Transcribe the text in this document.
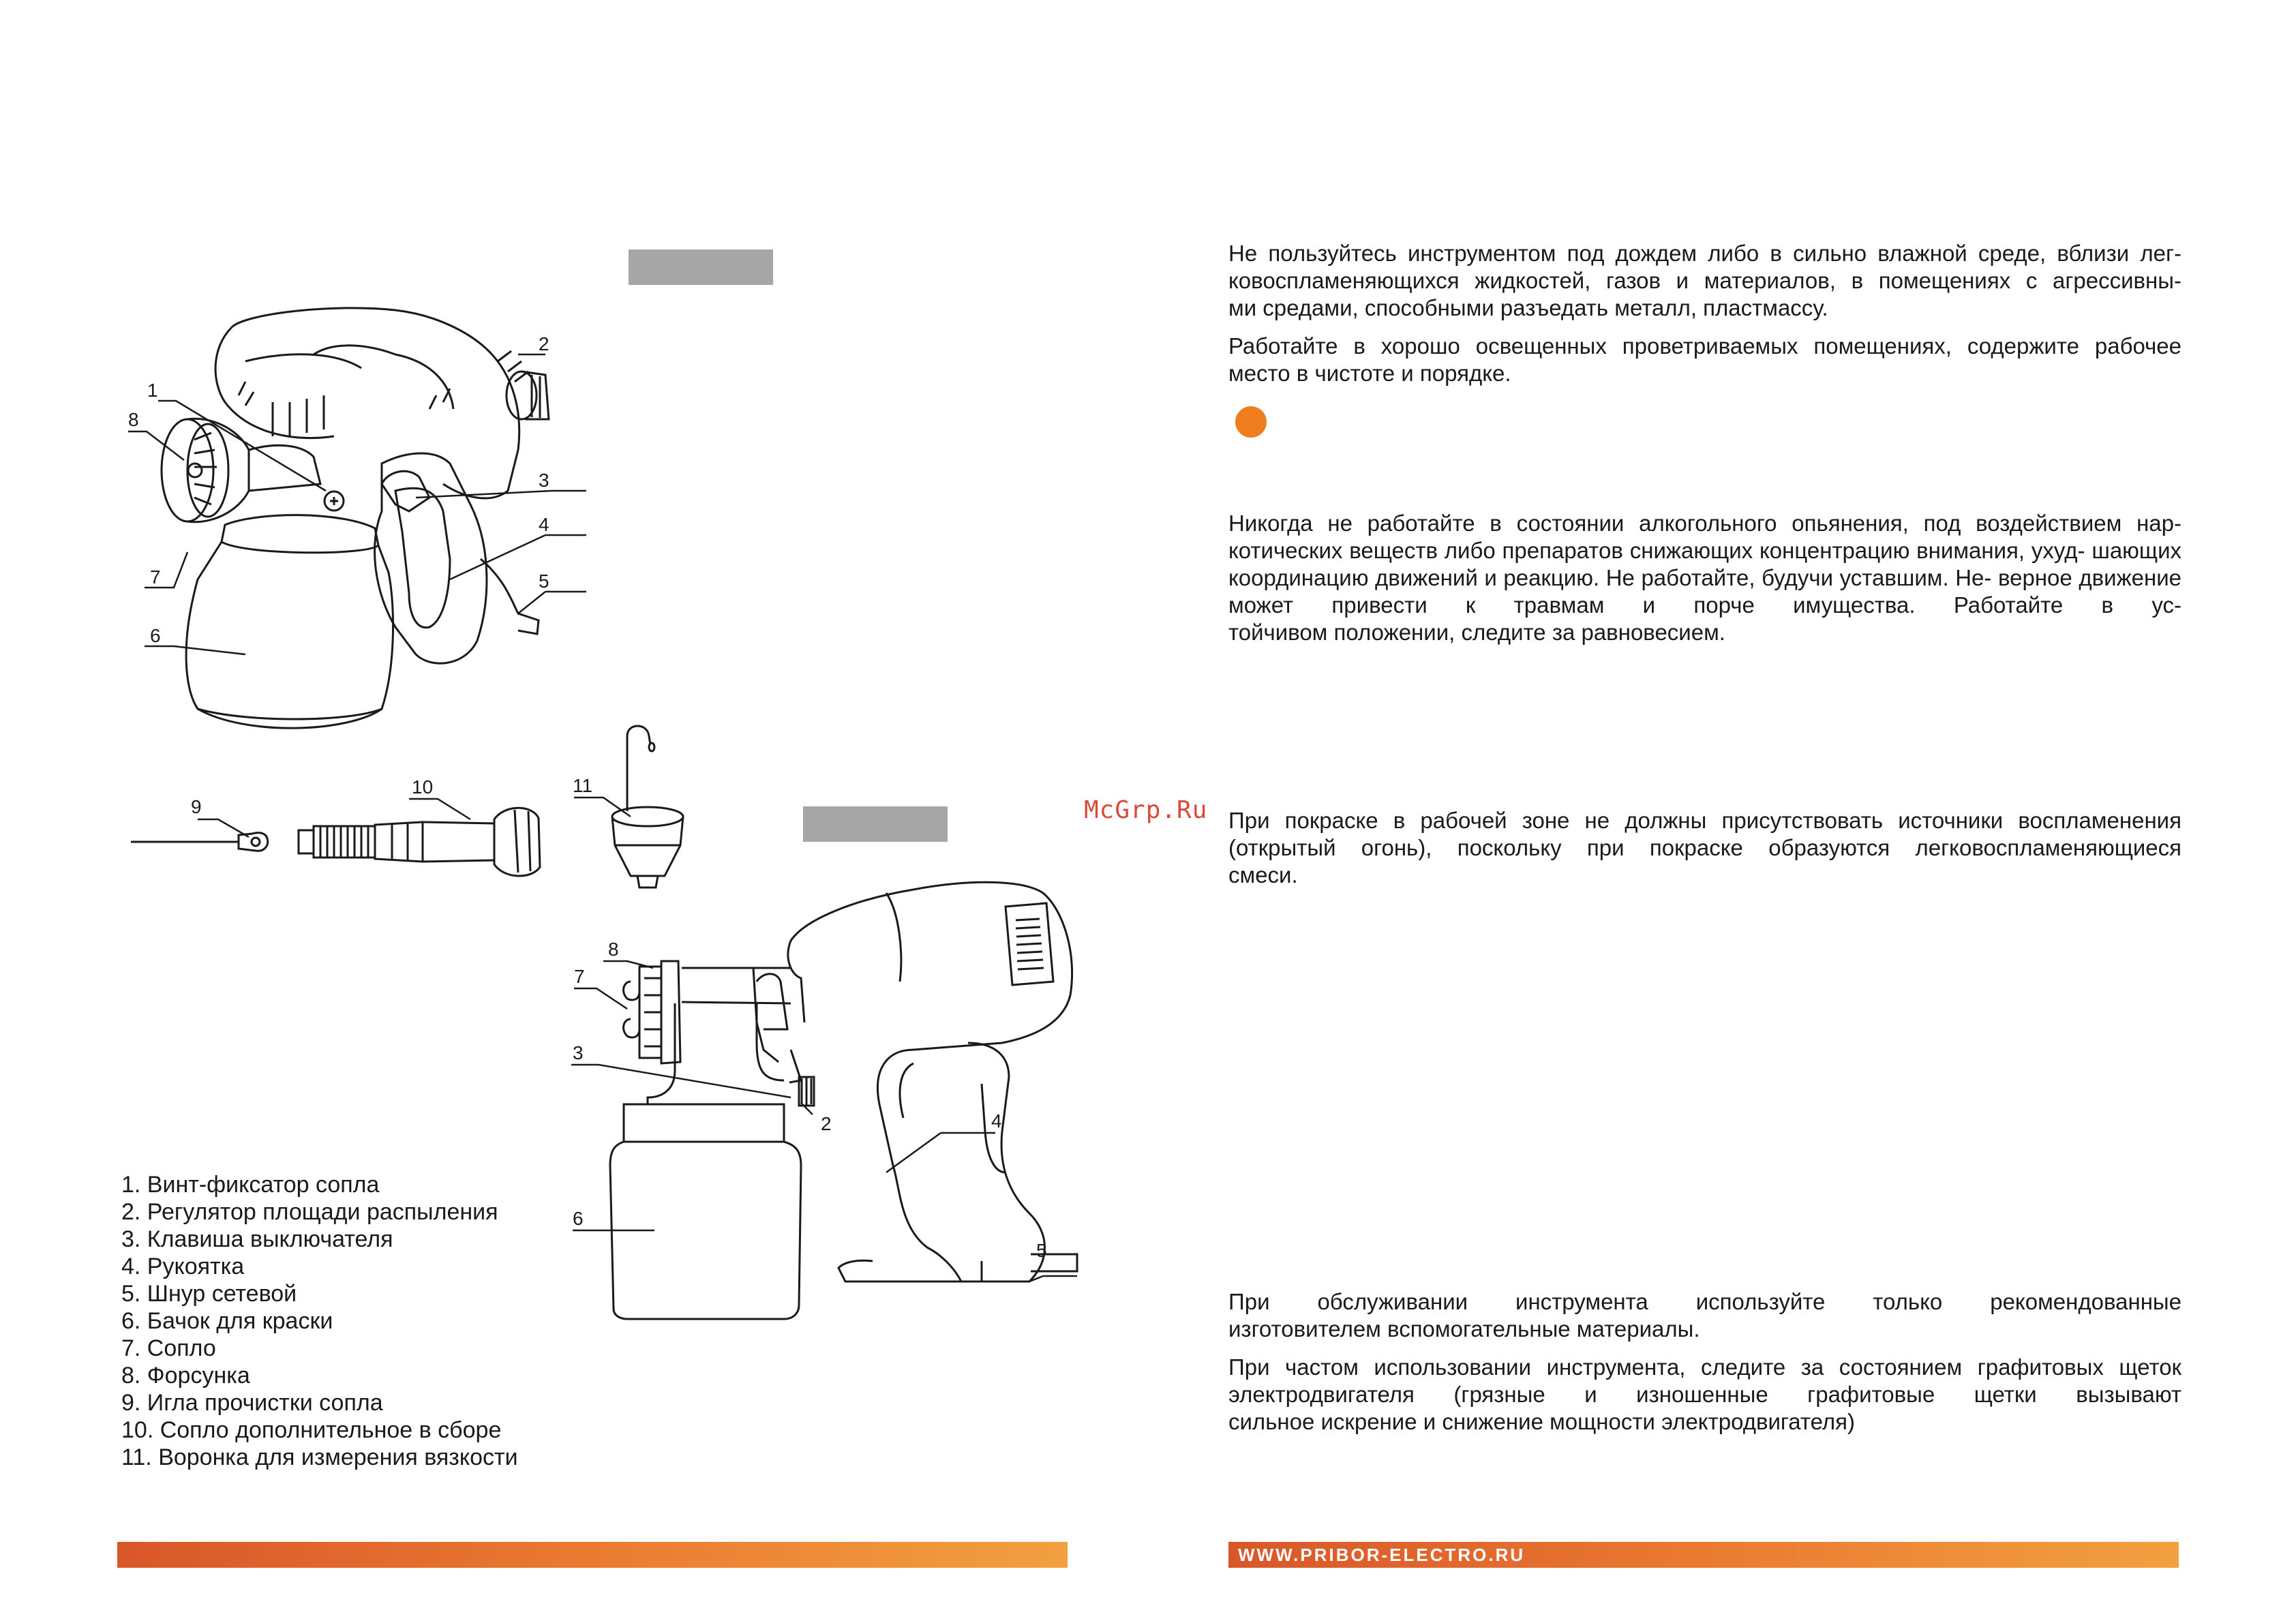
1
8
2
3
4
5
7
6
9
10	11
8
7
3
2	4
6
5
1. Винт-фиксатор сопла
2. Регулятор площади распыления
3. Клавиша выключателя
4. Рукоятка
5. Шнур сетевой
6. Бачок для краски
7. Сопло
8. Форсунка
9. Игла прочистки сопла
10. Сопло дополнительное в сборе
11. Воронка для измерения вязкости
McGrp.Ru

Не пользуйтесь инструментом под дождем либо в сильно влажной среде, вблизи лег- ковоспламеняющихся жидкостей, газов и материалов, в помещениях с агрессивны-
ми средами, способными разъедать металл, пластмассу.

Работайте в хорошо освещенных проветриваемых помещениях, содержите рабочее
место в чистоте и порядке.

Никогда не работайте в состоянии алкогольного опьянения, под воздействием нар- котических веществ либо препаратов снижающих концентрацию внимания, ухуд- шающих координацию движений и реакцию. Не работайте, будучи уставшим. Не- верное движение может привести к травмам и порче имущества. Работайте в ус-
тойчивом положении, следите за равновесием.

При покраске в рабочей зоне не должны присутствовать источники воспламенения (открытый огонь), поскольку при покраске образуются легковоспламеняющиеся
смеси.

При обслуживании инструмента используйте только рекомендованные
изготовителем вспомогательные материалы.

При частом использовании инструмента, следите за состоянием графитовых щеток электродвигателя (грязные и изношенные графитовые щетки вызывают
сильное искрение и снижение мощности электродвигателя)

WWW.PRIBOR-ELECTRO.RU
